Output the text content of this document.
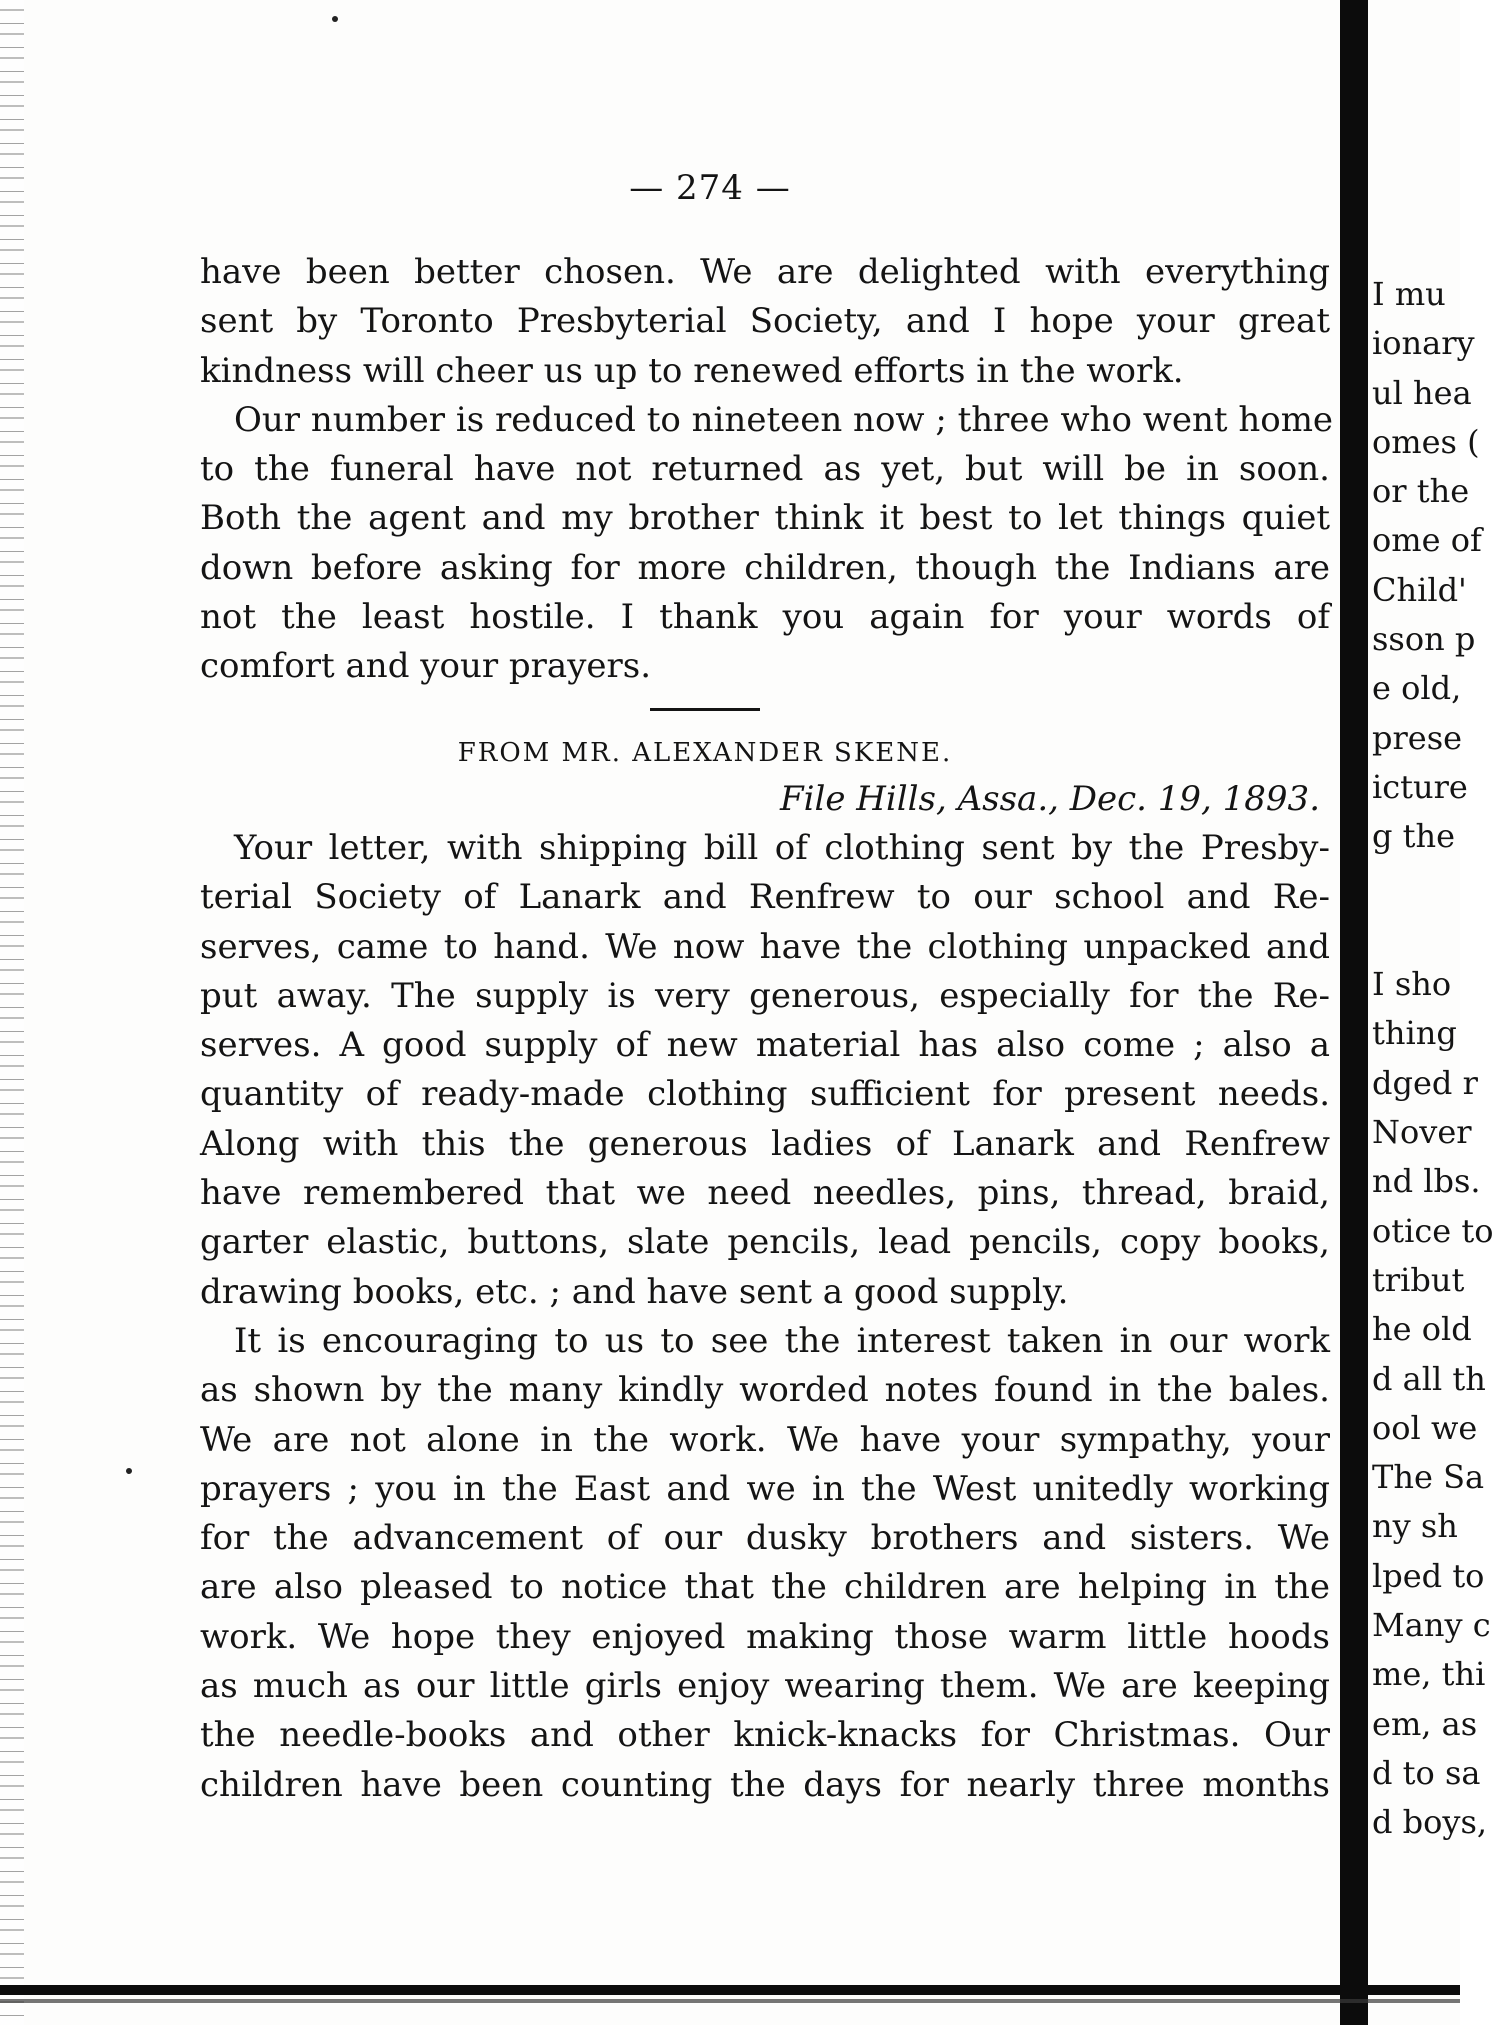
— 274 —
have been better chosen. We are delighted with everything
sent by Toronto Presbyterial Society, and I hope your great
kindness will cheer us up to renewed efforts in the work.
Our number is reduced to nineteen now ; three who went home
to the funeral have not returned as yet, but will be in soon.
Both the agent and my brother think it best to let things quiet
down before asking for more children, though the Indians are
not the least hostile. I thank you again for your words of
comfort and your prayers.
FROM MR. ALEXANDER SKENE.
File Hills, Assa., Dec. 19, 1893.
Your letter, with shipping bill of clothing sent by the Presby-
terial Society of Lanark and Renfrew to our school and Re-
serves, came to hand. We now have the clothing unpacked and
put away. The supply is very generous, especially for the Re-
serves. A good supply of new material has also come ; also a
quantity of ready-made clothing sufficient for present needs.
Along with this the generous ladies of Lanark and Renfrew
have remembered that we need needles, pins, thread, braid,
garter elastic, buttons, slate pencils, lead pencils, copy books,
drawing books, etc. ; and have sent a good supply.
It is encouraging to us to see the interest taken in our work
as shown by the many kindly worded notes found in the bales.
We are not alone in the work. We have your sympathy, your
prayers ; you in the East and we in the West unitedly working
for the advancement of our dusky brothers and sisters. We
are also pleased to notice that the children are helping in the
work. We hope they enjoyed making those warm little hoods
as much as our little girls enjoy wearing them. We are keeping
the needle-books and other knick-knacks for Christmas. Our
children have been counting the days for nearly three months
I mu
ionary
ul hea
omes (
or the
ome of
Child'
sson p
e old,
prese
icture
g the
I sho
thing
dged r
Nover
nd lbs.
otice to
tribut
he old
d all th
ool we
The Sa
ny sh
lped to
Many c
me, thi
em, as
d to sa
d boys,
